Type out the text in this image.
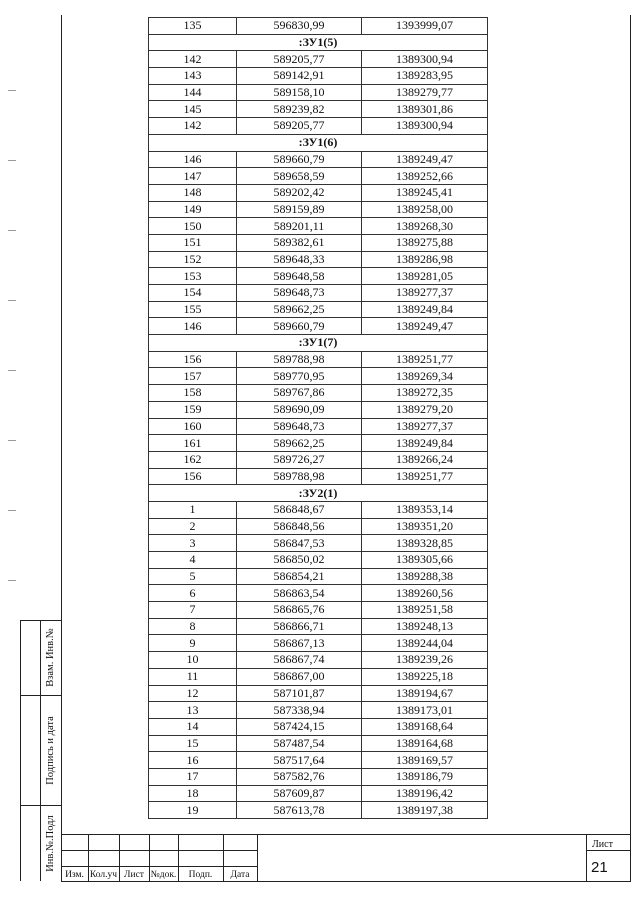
135	596830,99	1393999,07
:ЗУ1(5)		
142	589205,77	1389300,94
143	589142,91	1389283,95
144	589158,10	1389279,77
145	589239,82	1389301,86
142	589205,77	1389300,94
:ЗУ1(6)		
146	589660,79	1389249,47
147	589658,59	1389252,66
148	589202,42	1389245,41
149	589159,89	1389258,00
150	589201,11	1389268,30
151	589382,61	1389275,88
152	589648,33	1389286,98
153	589648,58	1389281,05
154	589648,73	1389277,37
155	589662,25	1389249,84
146	589660,79	1389249,47
:ЗУ1(7)		
156	589788,98	1389251,77
157	589770,95	1389269,34
158	589767,86	1389272,35
159	589690,09	1389279,20
160	589648,73	1389277,37
161	589662,25	1389249,84
162	589726,27	1389266,24
156	589788,98	1389251,77
:ЗУ2(1)		
1	586848,67	1389353,14
2	586848,56	1389351,20
3	586847,53	1389328,85
4	586850,02	1389305,66
5	586854,21	1389288,38
6	586863,54	1389260,56
7	586865,76	1389251,58
8	586866,71	1389248,13
9	586867,13	1389244,04
10	586867,74	1389239,26
11	586867,00	1389225,18
12	587101,87	1389194,67
13	587338,94	1389173,01
14	587424,15	1389168,64
15	587487,54	1389164,68
16	587517,64	1389169,57
17	587582,76	1389186,79
18	587609,87	1389196,42
19	587613,78	1389197,38
Взам. Инв.№
Подпись и дата
Инв.№.Подл
Изм. Кол.уч Лист №док.	Подп.	Дата
Лист
21
